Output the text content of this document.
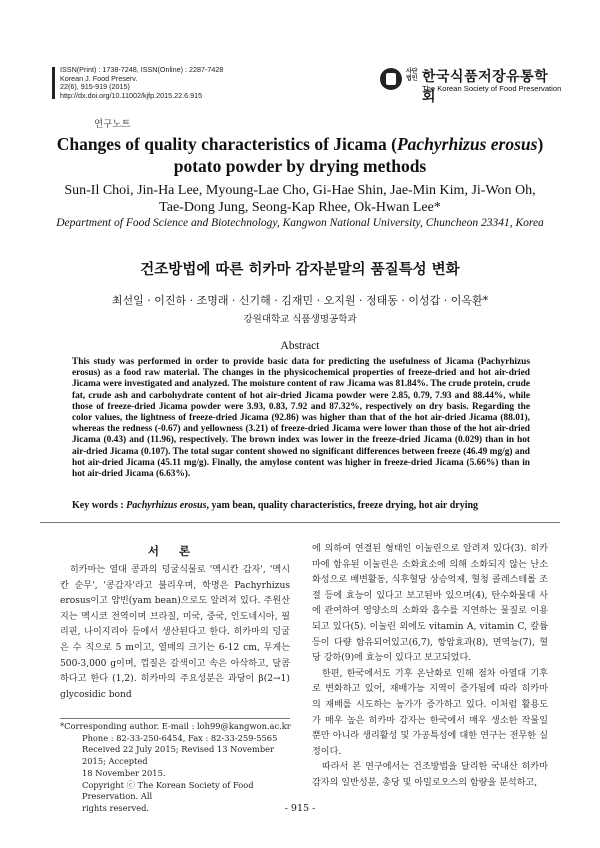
ISSN(Print) : 1738-7248, ISSN(Online) : 2287-7428
Korean J. Food Preserv.
22(6), 915-919 (2015)
http://dx.doi.org/10.11002/kjfp.2015.22.6.915
사단법인 한국식품저장유통학회
The Korean Society of Food Preservation
연구노트
Changes of quality characteristics of Jicama (Pachyrhizus erosus)
potato powder by drying methods
Sun-Il Choi, Jin-Ha Lee, Myoung-Lae Cho, Gi-Hae Shin, Jae-Min Kim, Ji-Won Oh,
Tae-Dong Jung, Seong-Kap Rhee, Ok-Hwan Lee*
Department of Food Science and Biotechnology, Kangwon National University, Chuncheon 23341, Korea
건조방법에 따른 히카마 감자분말의 품질특성 변화
최선일 · 이진하 · 조명래 · 신기해 · 김재민 · 오지원 · 정태동 · 이성갑 · 이옥환*
강원대학교 식품생명공학과
Abstract
This study was performed in order to provide basic data for predicting the usefulness of Jicama (Pachyrhizus erosus) as a food raw material. The changes in the physicochemical properties of freeze-dried and hot air-dried Jicama were investigated and analyzed. The moisture content of raw Jicama was 81.84%. The crude protein, crude fat, crude ash and carbohydrate content of hot air-dried Jicama powder were 2.85, 0.79, 7.93 and 88.44%, while those of freeze-dried Jicama powder were 3.93, 0.83, 7.92 and 87.32%, respectively on dry basis. Regarding the color values, the lightness of freeze-dried Jicama (92.86) was higher than that of the hot air-dried Jicama (88.01), whereas the redness (-0.67) and yellowness (3.21) of freeze-dried Jicama were lower than those of the hot air-dried Jicama (0.43) and (11.96), respectively. The brown index was lower in the freeze-dried Jicama (0.029) than in hot air-dried Jicama (0.107). The total sugar content showed no significant differences between freeze (46.49 mg/g) and hot air-dried Jicama (45.11 mg/g). Finally, the amylose content was higher in freeze-dried Jicama (5.66%) than in hot air-dried Jicama (6.63%).
Key words : Pachyrhizus erosus, yam bean, quality characteristics, freeze drying, hot air drying
서 론
히카마는 열대 콩과의 덩굴식물로 '멕시칸 감자', '멕시 칸 순무', '콩감자'라고 불리우며, 학명은 Pachyrhizus erosus이고 얌빈(yam bean)으로도 알려져 있다. 주원산지는 멕시코 전역이며 브라질, 미국, 중국, 인도네시아, 필리핀, 나이지리아 등에서 생산된다고 한다. 히카마의 덩굴은 수 직으로 5 m이고, 열매의 크기는 6-12 cm, 무게는 500-3,000 g이며, 껍질은 갈색이고 속은 아삭하고, 달콤하다고 한다 (1,2). 히카마의 주요성분은 과당이 β(2→1) glycosidic bond

에 의하여 연결된 형태인 이눌린으로 알려져 있다(3). 히카 마에 함유된 이눌린은 소화효소에 의해 소화되지 않는 난소 화성으로 배변활동, 식후혈당 상승억제, 혈청 콜레스테롤 조절 등에 효능이 있다고 보고된바 있으며(4), 탄수화물대 사에 관여하여 영양소의 소화와 흡수를 지연하는 물질로 이용되고 있다(5). 이눌린 외에도 vitamin A, vitamin C, 칼륨 등이 다량 함유되어있고(6,7), 항암효과(8), 면역능(7), 혈당 강하(9)에 효능이 있다고 보고되었다.

한편, 한국에서도 기후 온난화로 인해 점차 아열대 기후 로 변화하고 있어, 재배가능 지역이 증가됨에 따라 히카마 의 재배를 시도하는 농가가 증가하고 있다. 이처럼 활용도 가 매우 높은 히카마 감자는 한국에서 매우 생소한 작물일 뿐만 아니라 생리활성 및 가공특성에 대한 연구는 전무한 실정이다.

따라서 본 연구에서는 건조방법을 달리한 국내산 히카마 감자의 일반성분, 총당 및 아밀로오스의 함량을 분석하고,

*Corresponding author. E-mail : loh99@kangwon.ac.kr
Phone : 82-33-250-6454, Fax : 82-33-259-5565
Received 22 July 2015; Revised 13 November 2015; Accepted
18 November 2015.
Copyright ⓒ The Korean Society of Food Preservation. All
rights reserved.	- 915 -
